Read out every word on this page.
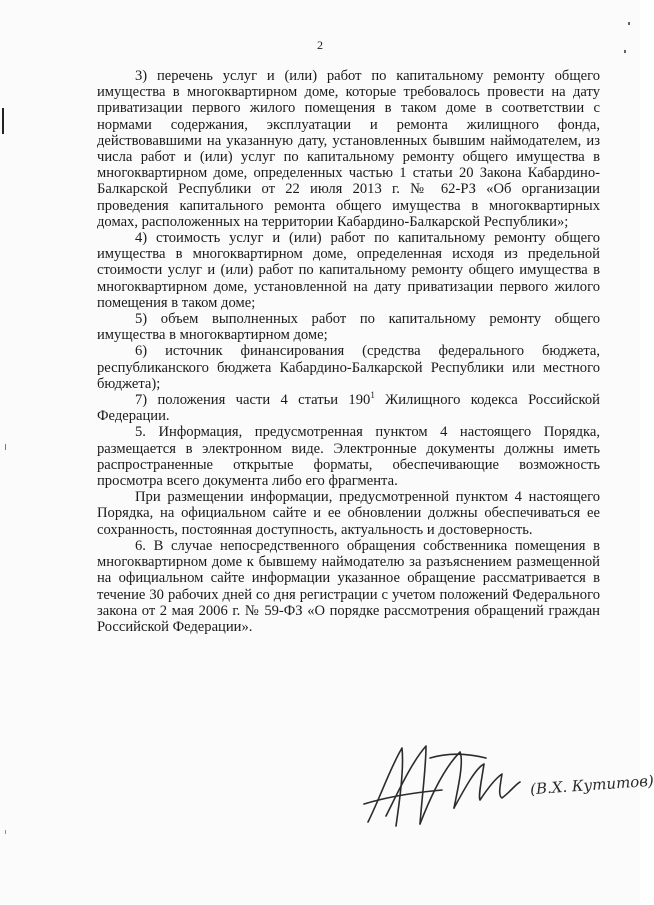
2

3) перечень услуг и (или) работ по капитальному ремонту общего имущества в многоквартирном доме, которые требовалось провести на дату приватизации первого жилого помещения в таком доме в соответствии с нормами содержания, эксплуатации и ремонта жилищного фонда, действовавшими на указанную дату, установленных бывшим наймодателем, из числа работ и (или) услуг по капитальному ремонту общего имущества в многоквартирном доме, определенных частью 1 статьи 20 Закона Кабардино-Балкарской Республики от 22 июля 2013 г. № 62-РЗ «Об организации проведения капитального ремонта общего имущества в многоквартирных домах, расположенных на территории Кабардино-Балкарской Республики»;

4) стоимость услуг и (или) работ по капитальному ремонту общего имущества в многоквартирном доме, определенная исходя из предельной стоимости услуг и (или) работ по капитальному ремонту общего имущества в многоквартирном доме, установленной на дату приватизации первого жилого помещения в таком доме;

5) объем выполненных работ по капитальному ремонту общего имущества в многоквартирном доме;

6) источник финансирования (средства федерального бюджета, республиканского бюджета Кабардино-Балкарской Республики или местного бюджета);

7) положения части 4 статьи $190^1$ Жилищного кодекса Российской Федерации.

5. Информация, предусмотренная пунктом 4 настоящего Порядка, размещается в электронном виде. Электронные документы должны иметь распространенные открытые форматы, обеспечивающие возможность просмотра всего документа либо его фрагмента.

При размещении информации, предусмотренной пунктом 4 настоящего Порядка, на официальном сайте и ее обновлении должны обеспечиваться ее сохранность, постоянная доступность, актуальность и достоверность.

6. В случае непосредственного обращения собственника помещения в многоквартирном доме к бывшему наймодателю за разъяснением размещенной на официальном сайте информации указанное обращение рассматривается в течение 30 рабочих дней со дня регистрации с учетом положений Федерального закона от 2 мая 2006 г. № 59-ФЗ «О порядке рассмотрения обращений граждан Российской Федерации».

(В.Х. Кутитов)
